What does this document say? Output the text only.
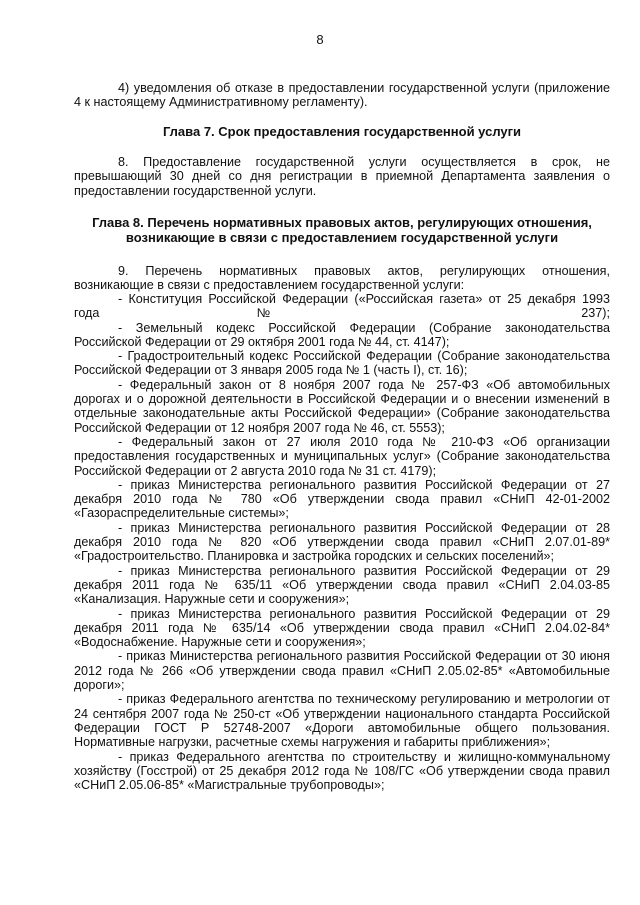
8

4) уведомления об отказе в предоставлении государственной услуги (приложение 4 к настоящему Административному регламенту).

Глава 7. Срок предоставления государственной услуги

8. Предоставление государственной услуги осуществляется в срок, не превышающий 30 дней со дня регистрации в приемной Департамента заявления о предоставлении государственной услуги.

Глава 8. Перечень нормативных правовых актов, регулирующих отношения,

возникающие в связи с предоставлением государственной услуги

9. Перечень нормативных правовых актов, регулирующих отношения, возникающие в связи с предоставлением государственной услуги:

- Конституция Российской Федерации («Российская газета» от 25 декабря 1993 года № 237);

- Земельный кодекс Российской Федерации (Собрание законодательства Российской Федерации от 29 октября 2001 года № 44, ст. 4147);

- Градостроительный кодекс Российской Федерации (Собрание законодательства Российской Федерации от 3 января 2005 года № 1 (часть I), ст. 16);

- Федеральный закон от 8 ноября 2007 года № 257-ФЗ «Об автомобильных дорогах и о дорожной деятельности в Российской Федерации и о внесении изменений в отдельные законодательные акты Российской Федерации» (Собрание законодательства Российской Федерации от 12 ноября 2007 года № 46, ст. 5553);

- Федеральный закон от 27 июля 2010 года № 210-ФЗ «Об организации предоставления государственных и муниципальных услуг» (Собрание законодательства Российской Федерации от 2 августа 2010 года № 31 ст. 4179);

- приказ Министерства регионального развития Российской Федерации от 27 декабря 2010 года № 780 «Об утверждении свода правил «СНиП 42-01-2002 «Газораспределительные системы»;

- приказ Министерства регионального развития Российской Федерации от 28 декабря 2010 года № 820 «Об утверждении свода правил «СНиП 2.07.01-89* «Градостроительство. Планировка и застройка городских и сельских поселений»;

- приказ Министерства регионального развития Российской Федерации от 29 декабря 2011 года № 635/11 «Об утверждении свода правил «СНиП 2.04.03-85 «Канализация. Наружные сети и сооружения»;

- приказ Министерства регионального развития Российской Федерации от 29 декабря 2011 года № 635/14 «Об утверждении свода правил «СНиП 2.04.02-84* «Водоснабжение. Наружные сети и сооружения»;

- приказ Министерства регионального развития Российской Федерации от 30 июня 2012 года № 266 «Об утверждении свода правил «СНиП 2.05.02-85* «Автомобильные дороги»;

- приказ Федерального агентства по техническому регулированию и метрологии от 24 сентября 2007 года № 250-ст «Об утверждении национального стандарта Российской Федерации ГОСТ Р 52748-2007 «Дороги автомобильные общего пользования. Нормативные нагрузки, расчетные схемы нагружения и габариты приближения»;

- приказ Федерального агентства по строительству и жилищно-коммунальному хозяйству (Госстрой) от 25 декабря 2012 года № 108/ГС «Об утверждении свода правил «СНиП 2.05.06-85* «Магистральные трубопроводы»;
